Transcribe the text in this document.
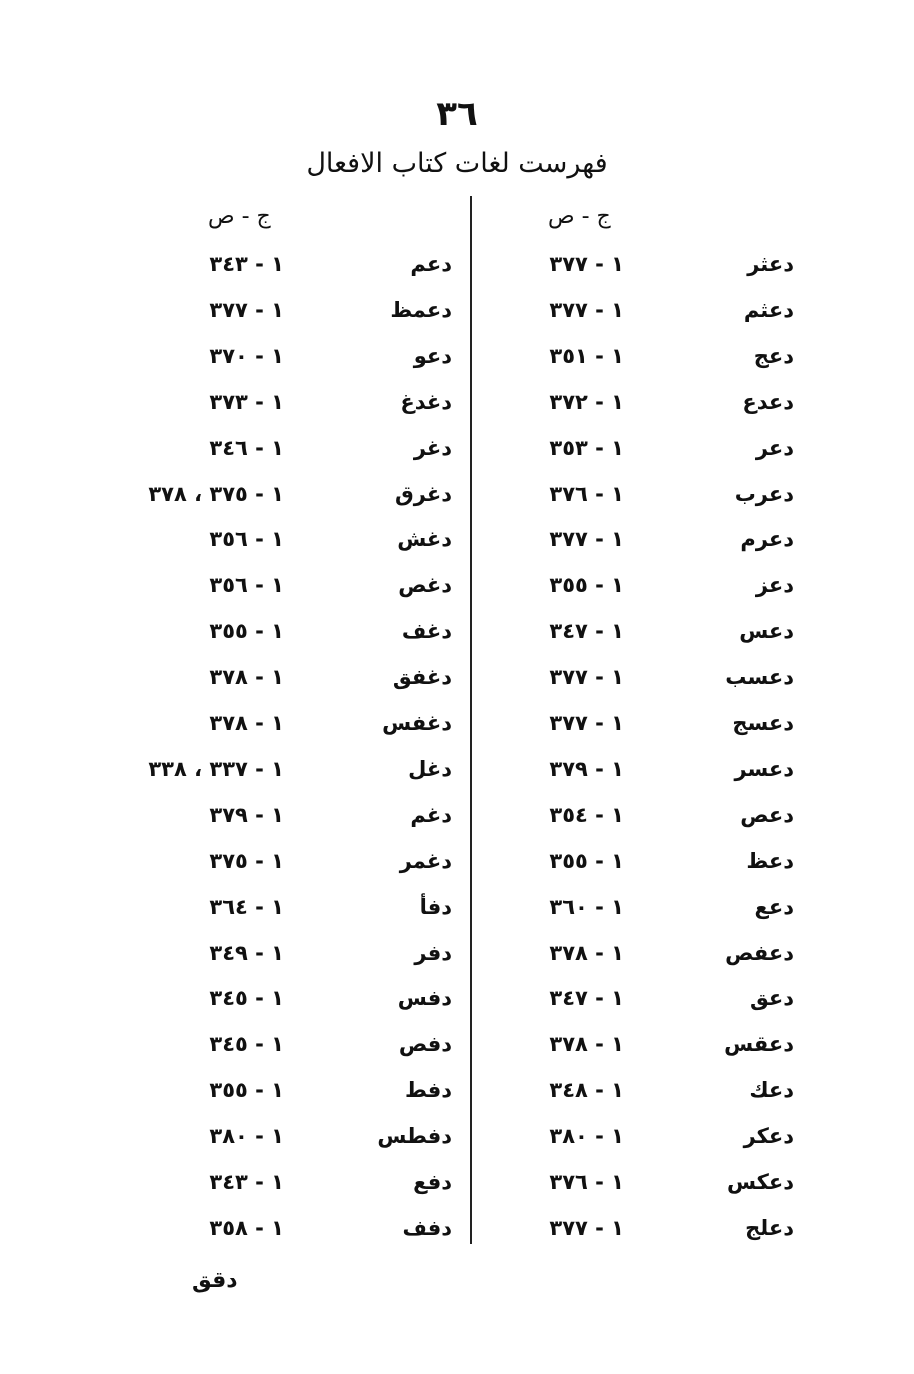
٣٦
فهرست لغات كتاب الافعال
ج - ص
ج - ص
دعثر
١ - ٣٧٧
دعثم
١ - ٣٧٧
دعج
١ - ٣٥١
دعدع
١ - ٣٧٢
دعر
١ - ٣٥٣
دعرب
١ - ٣٧٦
دعرم
١ - ٣٧٧
دعز
١ - ٣٥٥
دعس
١ - ٣٤٧
دعسب
١ - ٣٧٧
دعسج
١ - ٣٧٧
دعسر
١ - ٣٧٩
دعص
١ - ٣٥٤
دعظ
١ - ٣٥٥
دعع
١ - ٣٦٠
دعفص
١ - ٣٧٨
دعق
١ - ٣٤٧
دعقس
١ - ٣٧٨
دعك
١ - ٣٤٨
دعكر
١ - ٣٨٠
دعكس
١ - ٣٧٦
دعلج
١ - ٣٧٧
دعم
١ - ٣٤٣
دعمظ
١ - ٣٧٧
دعو
١ - ٣٧٠
دغدغ
١ - ٣٧٣
دغر
١ - ٣٤٦
دغرق
١ - ٣٧٥ ، ٣٧٨
دغش
١ - ٣٥٦
دغص
١ - ٣٥٦
دغف
١ - ٣٥٥
دغفق
١ - ٣٧٨
دغفس
١ - ٣٧٨
دغل
١ - ٣٣٧ ، ٣٣٨
دغم
١ - ٣٧٩
دغمر
١ - ٣٧٥
دفأ
١ - ٣٦٤
دفر
١ - ٣٤٩
دفس
١ - ٣٤٥
دفص
١ - ٣٤٥
دفط
١ - ٣٥٥
دفطس
١ - ٣٨٠
دفع
١ - ٣٤٣
دفف
١ - ٣٥٨
دقق
